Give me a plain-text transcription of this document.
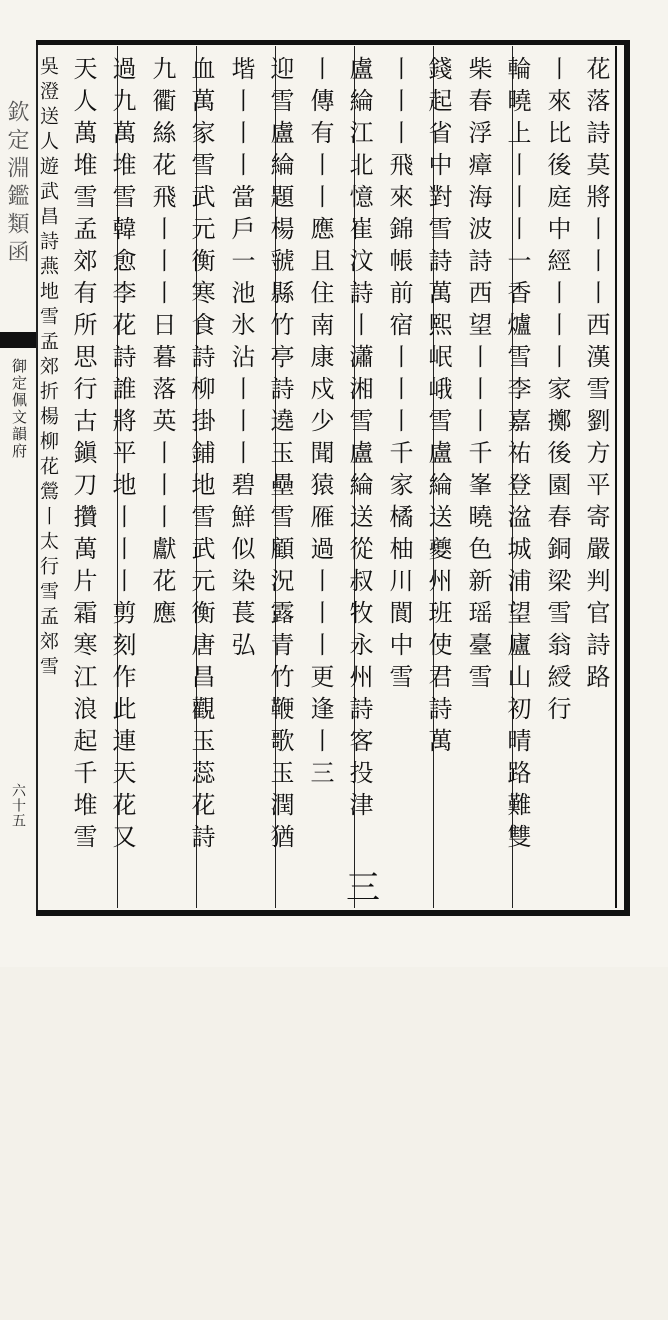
欽定淵鑑類函
御定佩文韻府
六十五
花落詩莫將丨丨丨西漢雪劉方平寄嚴判官詩路
丨來比後庭中經丨丨丨家擲後園春銅梁雪翁綬行
輪曉上丨丨丨一香爐雪李嘉祐登湓城浦望廬山初晴路難雙
柴春浮瘴海波詩西望丨丨丨千峯曉色新瑶臺雪
錢起省中對雪詩萬熙岷峨雪盧綸送夔州班使君詩萬
丨丨丨飛來錦帳前宿丨丨丨千家橘柚川閬中雪
盧綸江北憶崔汶詩丨瀟湘雪盧綸送從叔牧永州詩客投津
丨傳有丨丨應且住南康戍少聞猿雁過丨丨丨更逢丨三
迎雪盧綸題楊虢縣竹亭詩遶玉壘雪顧況露青竹鞭歌玉潤猶
堦丨丨丨當戶一池氷沾丨丨丨碧鮮似染萇弘
血萬家雪武元衡寒食詩柳掛鋪地雪武元衡唐昌觀玉蕊花詩
九衢絲花飛丨丨丨日暮落英丨丨丨獻花應
過九萬堆雪韓愈李花詩誰將平地丨丨丨剪刻作此連天花又
天人萬堆雪孟郊有所思行古鎭刀攢萬片霜寒江浪起千堆雪
吳澄送人遊武昌詩燕地雪孟郊折楊柳花鶯丨太行雪孟郊雪
三
